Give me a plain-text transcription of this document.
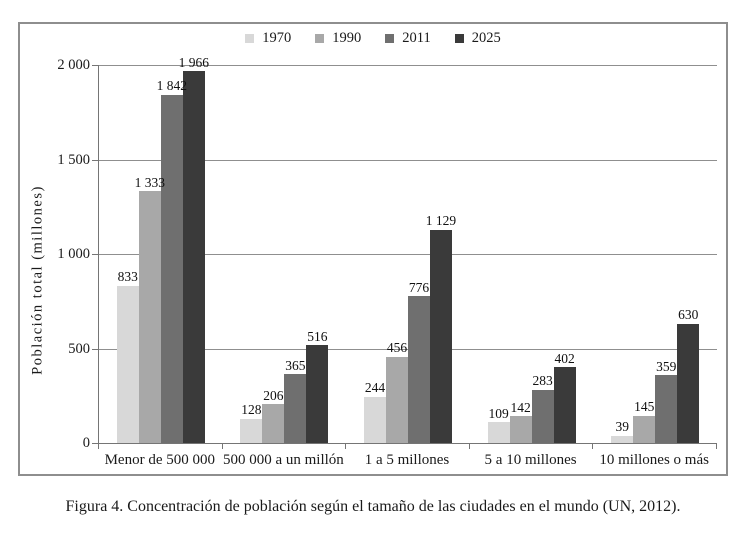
1970	1990	2011	2025
Población total (millones)	833
1 333
1 842
1 966
128
206
365
516
244
456
776
1 129
109 142
283
402
39
145
359
630
0
500
1 000
1 500
2 000
Menor de 500 000 500 000 a un millón	1 a 5 millones	5 a 10 millones	10 millones o más
Figura 4. Concentración de población según el tamaño de las ciudades en el mundo (UN, 2012).
